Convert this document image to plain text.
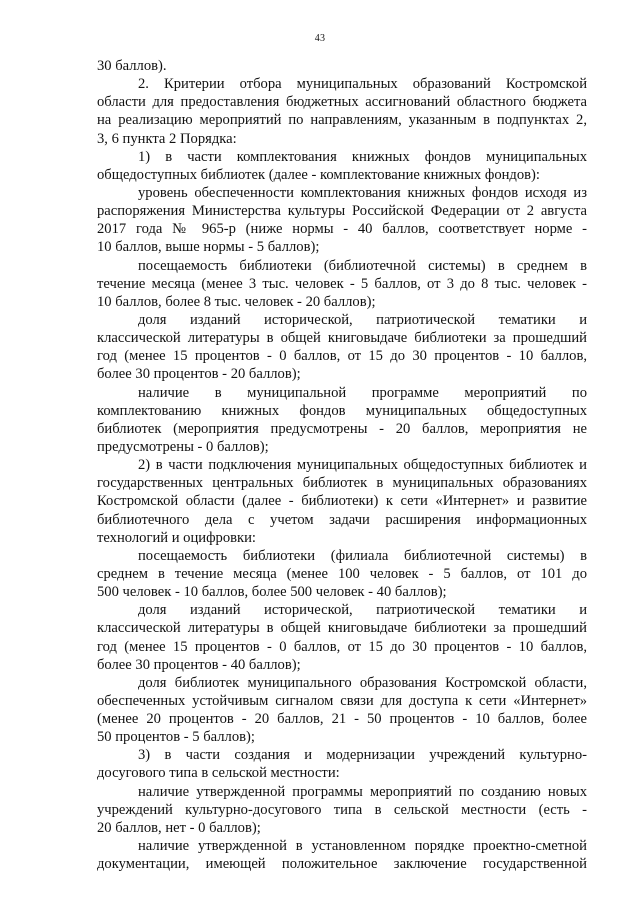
43
30 баллов).
2. Критерии отбора муниципальных образований Костромской
области для предоставления бюджетных ассигнований областного бюджета
на реализацию мероприятий по направлениям, указанным в подпунктах 2,
3, 6 пункта 2 Порядка:
1) в части комплектования книжных фондов муниципальных
общедоступных библиотек (далее - комплектование книжных фондов):
уровень обеспеченности комплектования книжных фондов исходя из
распоряжения Министерства культуры Российской Федерации от 2 августа
2017 года № 965-р (ниже нормы - 40 баллов, соответствует норме -
10 баллов, выше нормы - 5 баллов);
посещаемость библиотеки (библиотечной системы) в среднем в
течение месяца (менее 3 тыс. человек - 5 баллов, от 3 до 8 тыс. человек -
10 баллов, более 8 тыс. человек - 20 баллов);
доля изданий исторической, патриотической тематики и
классической литературы в общей книговыдаче библиотеки за прошедший
год (менее 15 процентов - 0 баллов, от 15 до 30 процентов - 10 баллов,
более 30 процентов - 20 баллов);
наличие в муниципальной программе мероприятий по
комплектованию книжных фондов муниципальных общедоступных
библиотек (мероприятия предусмотрены - 20 баллов, мероприятия не
предусмотрены - 0 баллов);
2) в части подключения муниципальных общедоступных библиотек и
государственных центральных библиотек в муниципальных образованиях
Костромской области (далее - библиотеки) к сети «Интернет» и развитие
библиотечного дела с учетом задачи расширения информационных
технологий и оцифровки:
посещаемость библиотеки (филиала библиотечной системы) в
среднем в течение месяца (менее 100 человек - 5 баллов, от 101 до
500 человек - 10 баллов, более 500 человек - 40 баллов);
доля изданий исторической, патриотической тематики и
классической литературы в общей книговыдаче библиотеки за прошедший
год (менее 15 процентов - 0 баллов, от 15 до 30 процентов - 10 баллов,
более 30 процентов - 40 баллов);
доля библиотек муниципального образования Костромской области,
обеспеченных устойчивым сигналом связи для доступа к сети «Интернет»
(менее 20 процентов - 20 баллов, 21 - 50 процентов - 10 баллов, более
50 процентов - 5 баллов);
3) в части создания и модернизации учреждений культурно-
досугового типа в сельской местности:
наличие утвержденной программы мероприятий по созданию новых
учреждений культурно-досугового типа в сельской местности (есть -
20 баллов, нет - 0 баллов);
наличие утвержденной в установленном порядке проектно-сметной
документации, имеющей положительное заключение государственной
